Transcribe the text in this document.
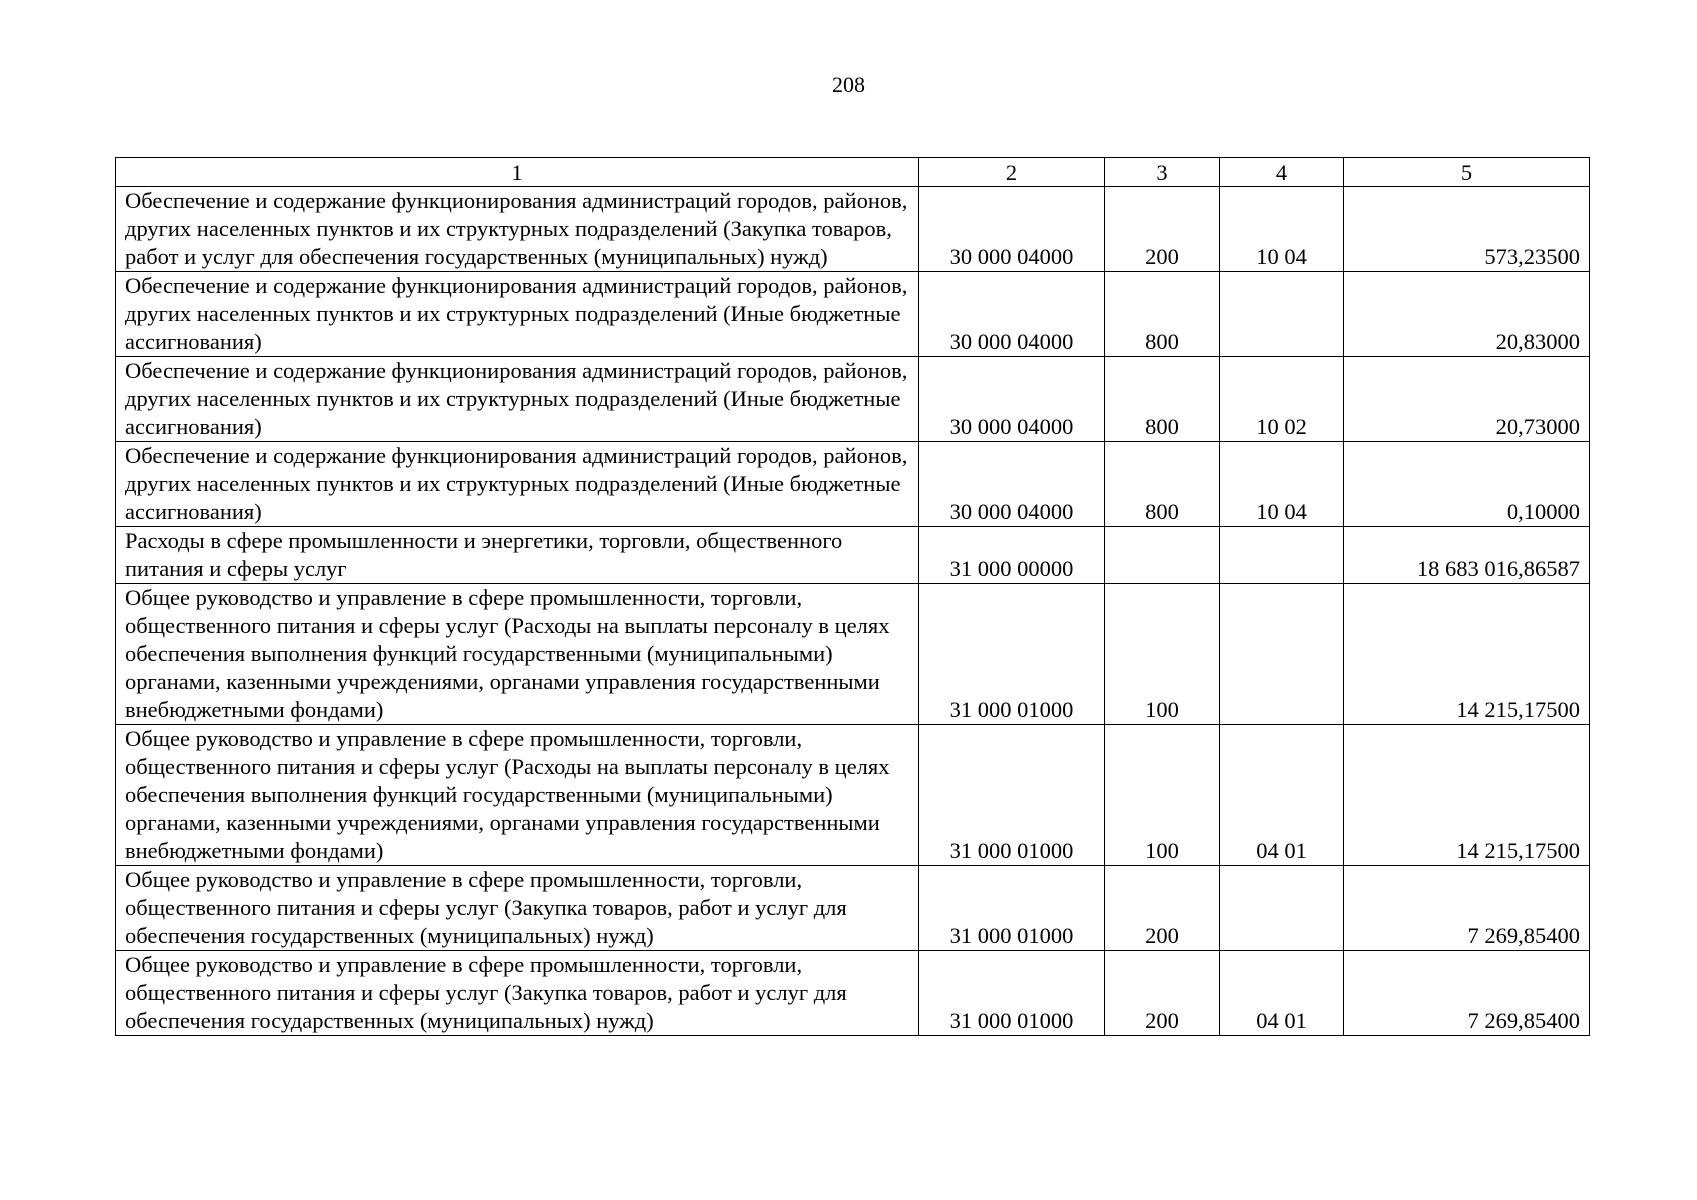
208
1	2	3	4	5
Обеспечение и содержание функционирования администраций городов, районов, других населенных пунктов и их структурных подразделений (Закупка товаров, работ и услуг для обеспечения государственных (муниципальных) нужд)	30 000 04000	200	10 04	573,23500
Обеспечение и содержание функционирования администраций городов, районов, других населенных пунктов и их структурных подразделений (Иные бюджетные ассигнования)	30 000 04000	800		20,83000
Обеспечение и содержание функционирования администраций городов, районов, других населенных пунктов и их структурных подразделений (Иные бюджетные ассигнования)	30 000 04000	800	10 02	20,73000
Обеспечение и содержание функционирования администраций городов, районов, других населенных пунктов и их структурных подразделений (Иные бюджетные ассигнования)	30 000 04000	800	10 04	0,10000
Расходы в сфере промышленности и энергетики, торговли, общественного питания и сферы услуг	31 000 00000			18 683 016,86587
Общее руководство и управление в сфере промышленности, торговли, общественного питания и сферы услуг (Расходы на выплаты персоналу в целях обеспечения выполнения функций государственными (муниципальными) органами, казенными учреждениями, органами управления государственными внебюджетными фондами)	31 000 01000	100		14 215,17500
Общее руководство и управление в сфере промышленности, торговли, общественного питания и сферы услуг (Расходы на выплаты персоналу в целях обеспечения выполнения функций государственными (муниципальными) органами, казенными учреждениями, органами управления государственными внебюджетными фондами)	31 000 01000	100	04 01	14 215,17500
Общее руководство и управление в сфере промышленности, торговли, общественного питания и сферы услуг (Закупка товаров, работ и услуг для обеспечения государственных (муниципальных) нужд)	31 000 01000	200		7 269,85400
Общее руководство и управление в сфере промышленности, торговли, общественного питания и сферы услуг (Закупка товаров, работ и услуг для обеспечения государственных (муниципальных) нужд)	31 000 01000	200	04 01	7 269,85400
